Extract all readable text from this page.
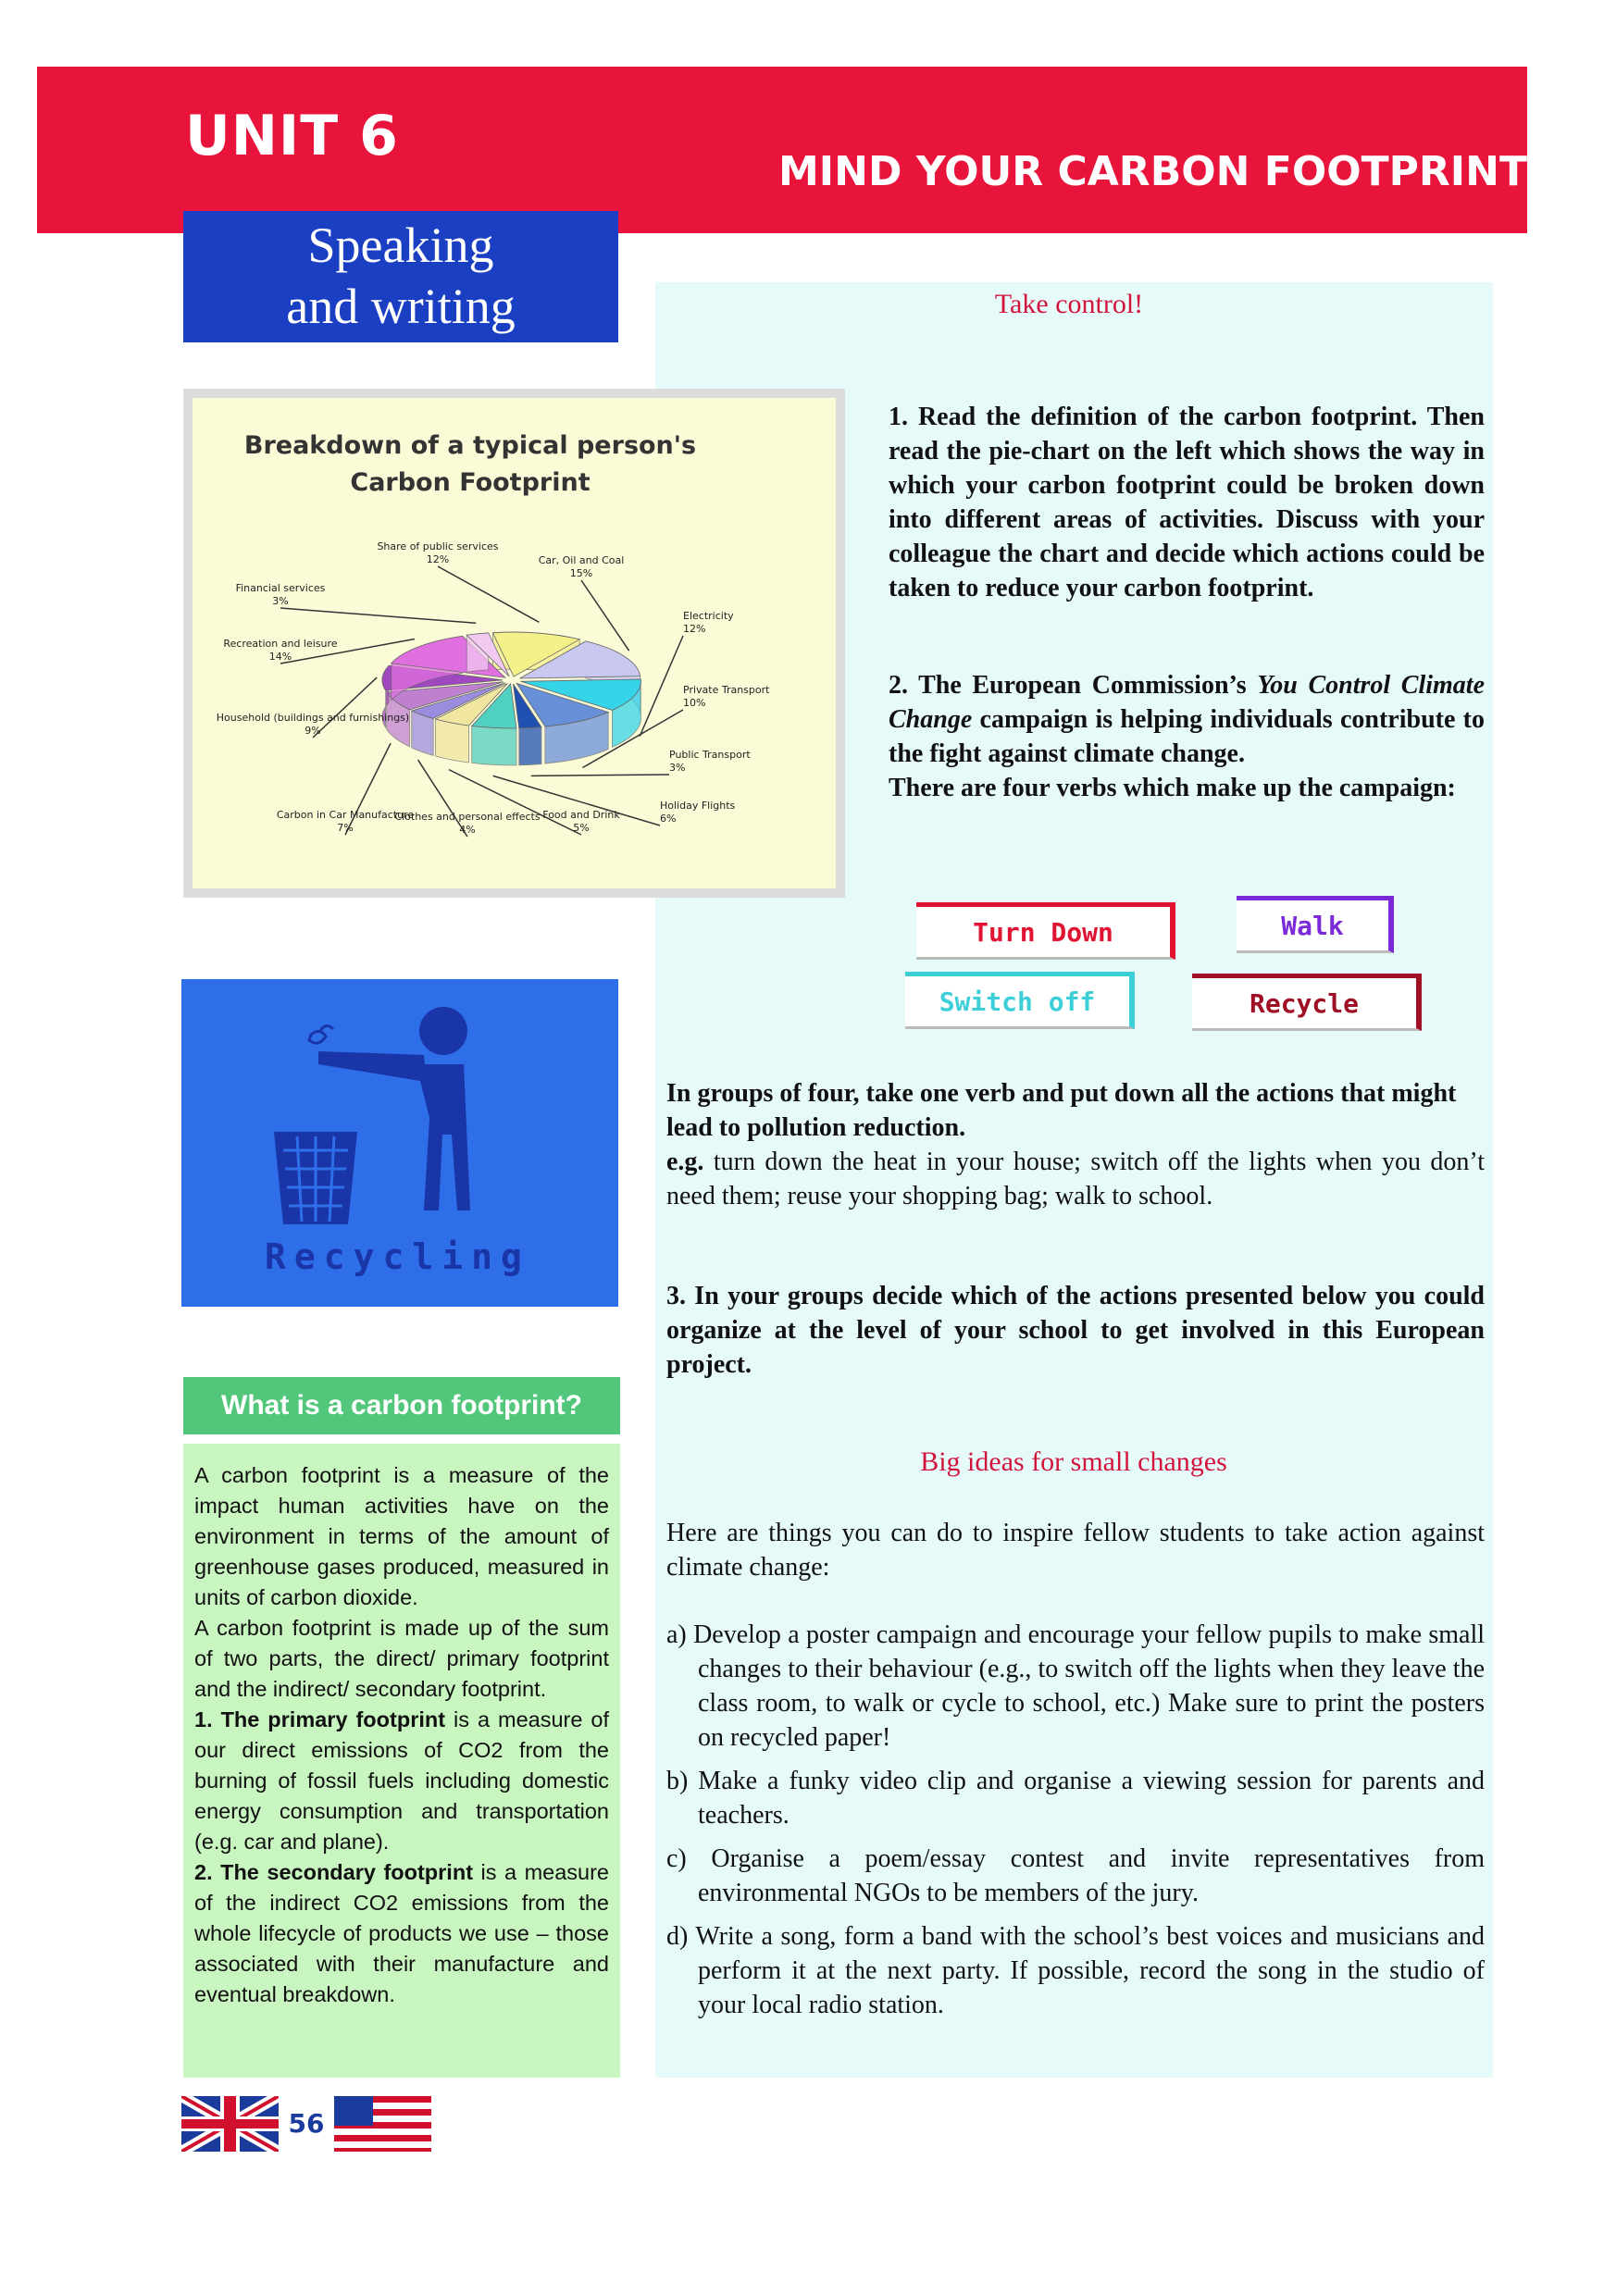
UNIT 6
MIND YOUR CARBON FOOTPRINT
Speaking
and writing	Take control!
1. Read the definition of the carbon footprint. Then read the pie-chart on the left which shows the way in which your carbon footprint could be broken down into different areas of activities. Discuss with your colleague the chart and decide which actions could be taken to reduce your carbon footprint.
2. The European Commission’s You Control Climate Change campaign is helping individuals contribute to the fight against climate change.
There are four verbs which make up the campaign:
Turn Down	Walk
Switch off	Recycle
In groups of four, take one verb and put down all the actions that might lead to pollution reduction.
e.g. turn down the heat in your house; switch off the lights when you don’t need them; reuse your shopping bag; walk to school.
3. In your groups decide which of the actions presented below you could organize at the level of your school to get involved in this European project.
Big ideas for small changes
Here are things you can do to inspire fellow students to take action against climate change:
a) Develop a poster campaign and encourage your fellow pupils to make small changes to their behaviour (e.g., to switch off the lights when they leave the class room, to walk or cycle to school, etc.) Make sure to print the posters on recycled paper!
b) Make a funky video clip and organise a viewing session for parents and teachers.
c) Organise a poem/essay contest and invite representatives from environmental NGOs to be members of the jury.
d) Write a song, form a band with the school’s best voices and musicians and perform it at the next party. If possible, record the song in the studio of your local radio station.
Breakdown of a typical person's Carbon Footprint
Share of public services
12%	Car, Oil and Coal
15%
Electricity
12%
Private Transport
10%
Public Transport
3%
Holiday Flights
6%
Food and Drink
5%
Clothes and personal effects
4%
Carbon in Car Manufacture
7%
Household (buildings and furnishings)
9%
Recreation and leisure
14%
Financial services
3%
Recycling
What is a carbon footprint?
A carbon footprint is a measure of the impact human activities have on the environment in terms of the amount of greenhouse gases produced, measured in units of carbon dioxide.
A carbon footprint is made up of the sum of two parts, the direct/ primary footprint and the indirect/ secondary footprint.
1. The primary footprint is a measure of our direct emissions of CO2 from the burning of fossil fuels including domestic energy consumption and transportation (e.g. car and plane).
2. The secondary footprint is a measure of the indirect CO2 emissions from the whole lifecycle of products we use – those associated with their manufacture and eventual breakdown.
56
